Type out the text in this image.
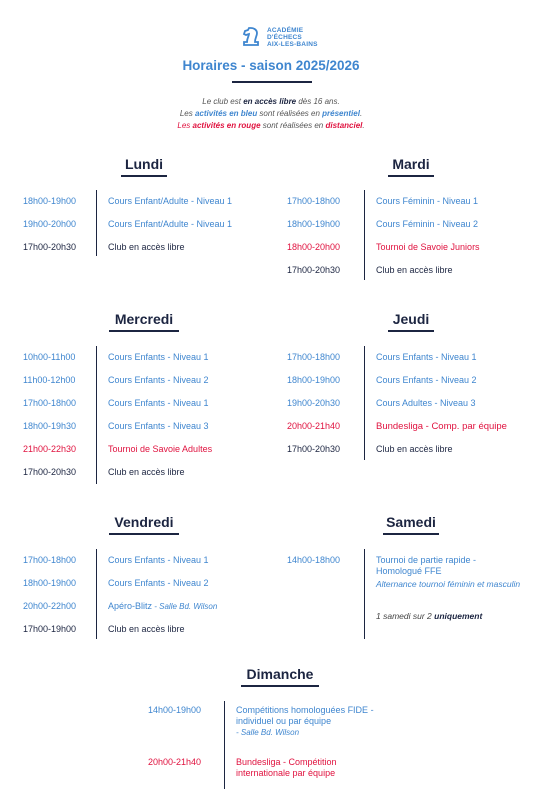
ACADÉMIE
D'ÉCHECS
AIX-LES-BAINS
Horaires - saison 2025/2026
Le club est en accès libre dès 16 ans.
Les activités en bleu sont réalisées en présentiel.
Les activités en rouge sont réalisées en distanciel.
Lundi
18h00-19h00	Cours Enfant/Adulte - Niveau 1
19h00-20h00	Cours Enfant/Adulte - Niveau 1
17h00-20h30	Club en accès libre
Mardi
17h00-18h00	Cours Féminin - Niveau 1
18h00-19h00	Cours Féminin - Niveau 2
18h00-20h00	Tournoi de Savoie Juniors
17h00-20h30	Club en accès libre
Mercredi
10h00-11h00	Cours Enfants - Niveau 1
11h00-12h00	Cours Enfants - Niveau 2
17h00-18h00	Cours Enfants - Niveau 1
18h00-19h30	Cours Enfants - Niveau 3
21h00-22h30	Tournoi de Savoie Adultes
17h00-20h30	Club en accès libre
Jeudi
17h00-18h00	Cours Enfants - Niveau 1
18h00-19h00	Cours Enfants - Niveau 2
19h00-20h30	Cours Adultes - Niveau 3
20h00-21h40	Bundesliga - Comp. par équipe
17h00-20h30	Club en accès libre
Vendredi
17h00-18h00	Cours Enfants - Niveau 1
18h00-19h00	Cours Enfants - Niveau 2
20h00-22h00	Apéro-Blitz - Salle Bd. Wilson
17h00-19h00	Club en accès libre
Samedi
14h00-18h00	Tournoi de partie rapide - Homologué FFE
Alternance tournoi féminin et masculin
1 samedi sur 2 uniquement
Dimanche
14h00-19h00	Compétitions homologuées FIDE - individuel ou par équipe
- Salle Bd. Wilson
20h00-21h40	Bundesliga - Compétition internationale par équipe
